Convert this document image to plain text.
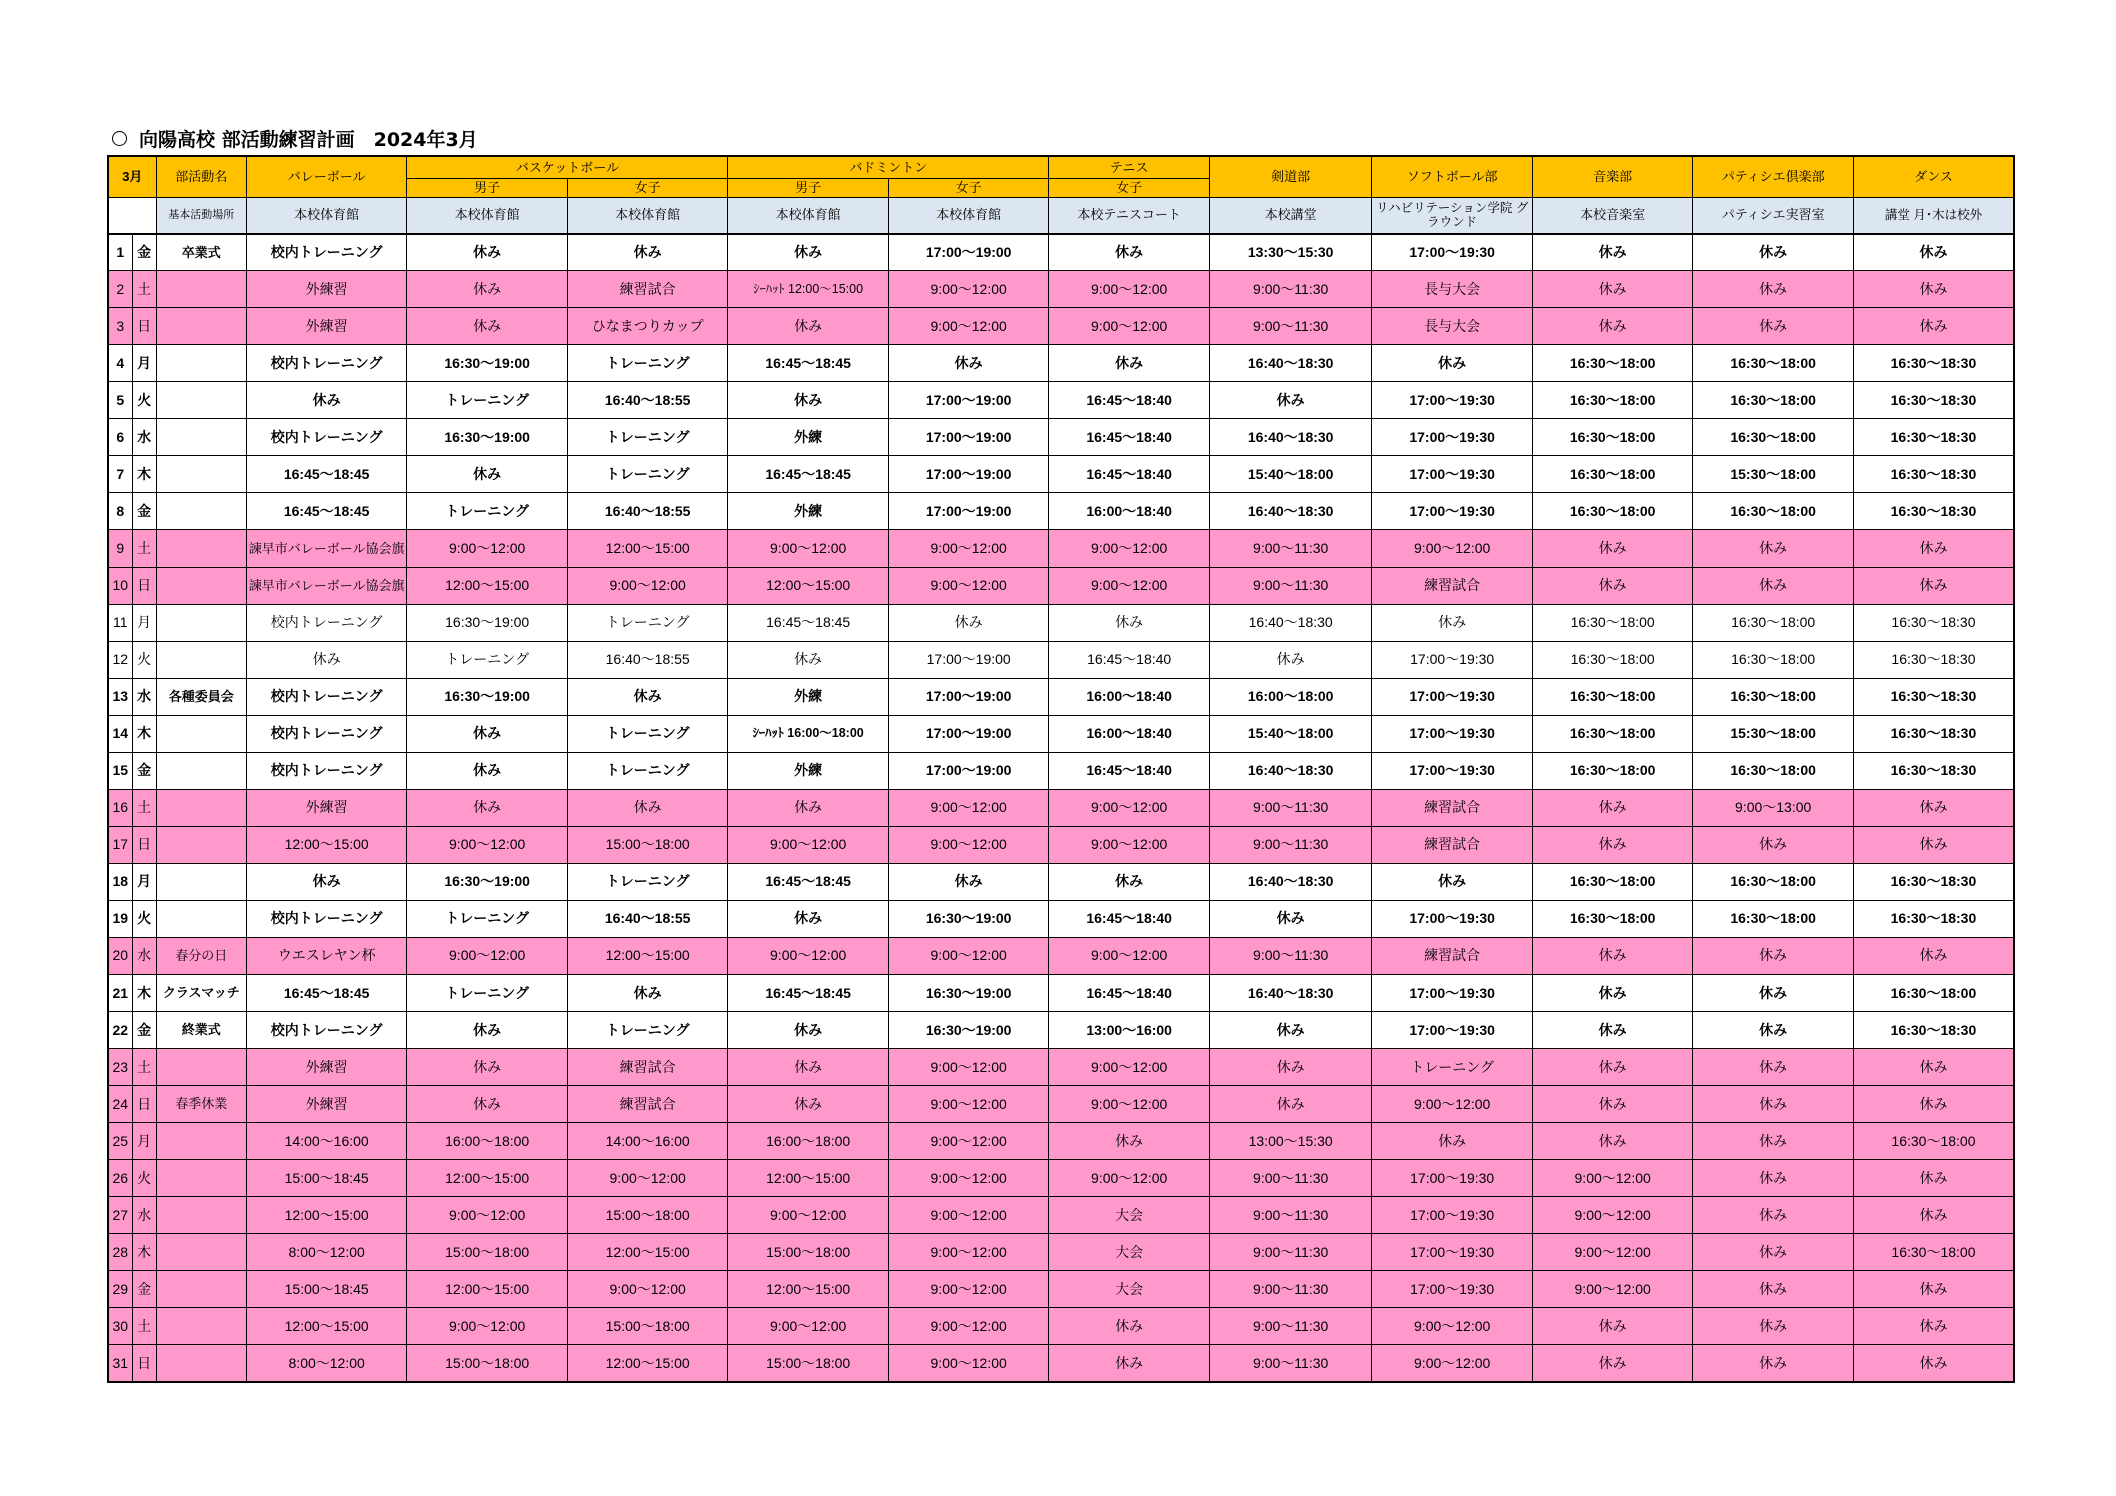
向陽高校 部活動練習計画　2024年3月
3月		部活動名	バレーボール	バスケットボール		バドミントン		テニス	剣道部	ソフトボール部	音楽部	パティシエ倶楽部	ダンス
				男子	女子	男子	女子	女子					
		基本活動場所	本校体育館	本校体育館	本校体育館	本校体育館	本校体育館	本校テニスコート	本校講堂	リハビリテーション学院 グラウンド	本校音楽室	パティシエ実習室	講堂 月･木は校外
1	金	卒業式	校内トレーニング	休み	休み	休み	17:00～19:00	休み	13:30～15:30	17:00～19:30	休み	休み	休み
2	土		外練習	休み	練習試合	ｼｰﾊｯﾄ 12:00～15:00	9:00～12:00	9:00～12:00	9:00～11:30	長与大会	休み	休み	休み
3	日		外練習	休み	ひなまつりカップ	休み	9:00～12:00	9:00～12:00	9:00～11:30	長与大会	休み	休み	休み
4	月		校内トレーニング	16:30～19:00	トレーニング	16:45～18:45	休み	休み	16:40～18:30	休み	16:30～18:00	16:30～18:00	16:30～18:30
5	火		休み	トレーニング	16:40～18:55	休み	17:00～19:00	16:45～18:40	休み	17:00～19:30	16:30～18:00	16:30～18:00	16:30～18:30
6	水		校内トレーニング	16:30～19:00	トレーニング	外練	17:00～19:00	16:45～18:40	16:40～18:30	17:00～19:30	16:30～18:00	16:30～18:00	16:30～18:30
7	木		16:45～18:45	休み	トレーニング	16:45～18:45	17:00～19:00	16:45～18:40	15:40～18:00	17:00～19:30	16:30～18:00	15:30～18:00	16:30～18:30
8	金		16:45～18:45	トレーニング	16:40～18:55	外練	17:00～19:00	16:00～18:40	16:40～18:30	17:00～19:30	16:30～18:00	16:30～18:00	16:30～18:30
9	土		諫早市バレーボール協会旗	9:00～12:00	12:00～15:00	9:00～12:00	9:00～12:00	9:00～12:00	9:00～11:30	9:00～12:00	休み	休み	休み
10	日		諫早市バレーボール協会旗	12:00～15:00	9:00～12:00	12:00～15:00	9:00～12:00	9:00～12:00	9:00～11:30	練習試合	休み	休み	休み
11	月		校内トレーニング	16:30～19:00	トレーニング	16:45～18:45	休み	休み	16:40～18:30	休み	16:30～18:00	16:30～18:00	16:30～18:30
12	火		休み	トレーニング	16:40～18:55	休み	17:00～19:00	16:45～18:40	休み	17:00～19:30	16:30～18:00	16:30～18:00	16:30～18:30
13	水	各種委員会	校内トレーニング	16:30～19:00	休み	外練	17:00～19:00	16:00～18:40	16:00～18:00	17:00～19:30	16:30～18:00	16:30～18:00	16:30～18:30
14	木		校内トレーニング	休み	トレーニング	ｼｰﾊｯﾄ 16:00～18:00	17:00～19:00	16:00～18:40	15:40～18:00	17:00～19:30	16:30～18:00	15:30～18:00	16:30～18:30
15	金		校内トレーニング	休み	トレーニング	外練	17:00～19:00	16:45～18:40	16:40～18:30	17:00～19:30	16:30～18:00	16:30～18:00	16:30～18:30
16	土		外練習	休み	休み	休み	9:00～12:00	9:00～12:00	9:00～11:30	練習試合	休み	9:00～13:00	休み
17	日		12:00～15:00	9:00～12:00	15:00～18:00	9:00～12:00	9:00～12:00	9:00～12:00	9:00～11:30	練習試合	休み	休み	休み
18	月		休み	16:30～19:00	トレーニング	16:45～18:45	休み	休み	16:40～18:30	休み	16:30～18:00	16:30～18:00	16:30～18:30
19	火		校内トレーニング	トレーニング	16:40～18:55	休み	16:30～19:00	16:45～18:40	休み	17:00～19:30	16:30～18:00	16:30～18:00	16:30～18:30
20	水	春分の日	ウエスレヤン杯	9:00～12:00	12:00～15:00	9:00～12:00	9:00～12:00	9:00～12:00	9:00～11:30	練習試合	休み	休み	休み
21	木	クラスマッチ	16:45～18:45	トレーニング	休み	16:45～18:45	16:30～19:00	16:45～18:40	16:40～18:30	17:00～19:30	休み	休み	16:30～18:00
22	金	終業式	校内トレーニング	休み	トレーニング	休み	16:30～19:00	13:00～16:00	休み	17:00～19:30	休み	休み	16:30～18:30
23	土		外練習	休み	練習試合	休み	9:00～12:00	9:00～12:00	休み	トレーニング	休み	休み	休み
24	日	春季休業	外練習	休み	練習試合	休み	9:00～12:00	9:00～12:00	休み	9:00～12:00	休み	休み	休み
25	月		14:00～16:00	16:00～18:00	14:00～16:00	16:00～18:00	9:00～12:00	休み	13:00～15:30	休み	休み	休み	16:30～18:00
26	火		15:00～18:45	12:00～15:00	9:00～12:00	12:00～15:00	9:00～12:00	9:00～12:00	9:00～11:30	17:00～19:30	9:00～12:00	休み	休み
27	水		12:00～15:00	9:00～12:00	15:00～18:00	9:00～12:00	9:00～12:00	大会	9:00～11:30	17:00～19:30	9:00～12:00	休み	休み
28	木		8:00～12:00	15:00～18:00	12:00～15:00	15:00～18:00	9:00～12:00	大会	9:00～11:30	17:00～19:30	9:00～12:00	休み	16:30～18:00
29	金		15:00～18:45	12:00～15:00	9:00～12:00	12:00～15:00	9:00～12:00	大会	9:00～11:30	17:00～19:30	9:00～12:00	休み	休み
30	土		12:00～15:00	9:00～12:00	15:00～18:00	9:00～12:00	9:00～12:00	休み	9:00～11:30	9:00～12:00	休み	休み	休み
31	日		8:00～12:00	15:00～18:00	12:00～15:00	15:00～18:00	9:00～12:00	休み	9:00～11:30	9:00～12:00	休み	休み	休み
